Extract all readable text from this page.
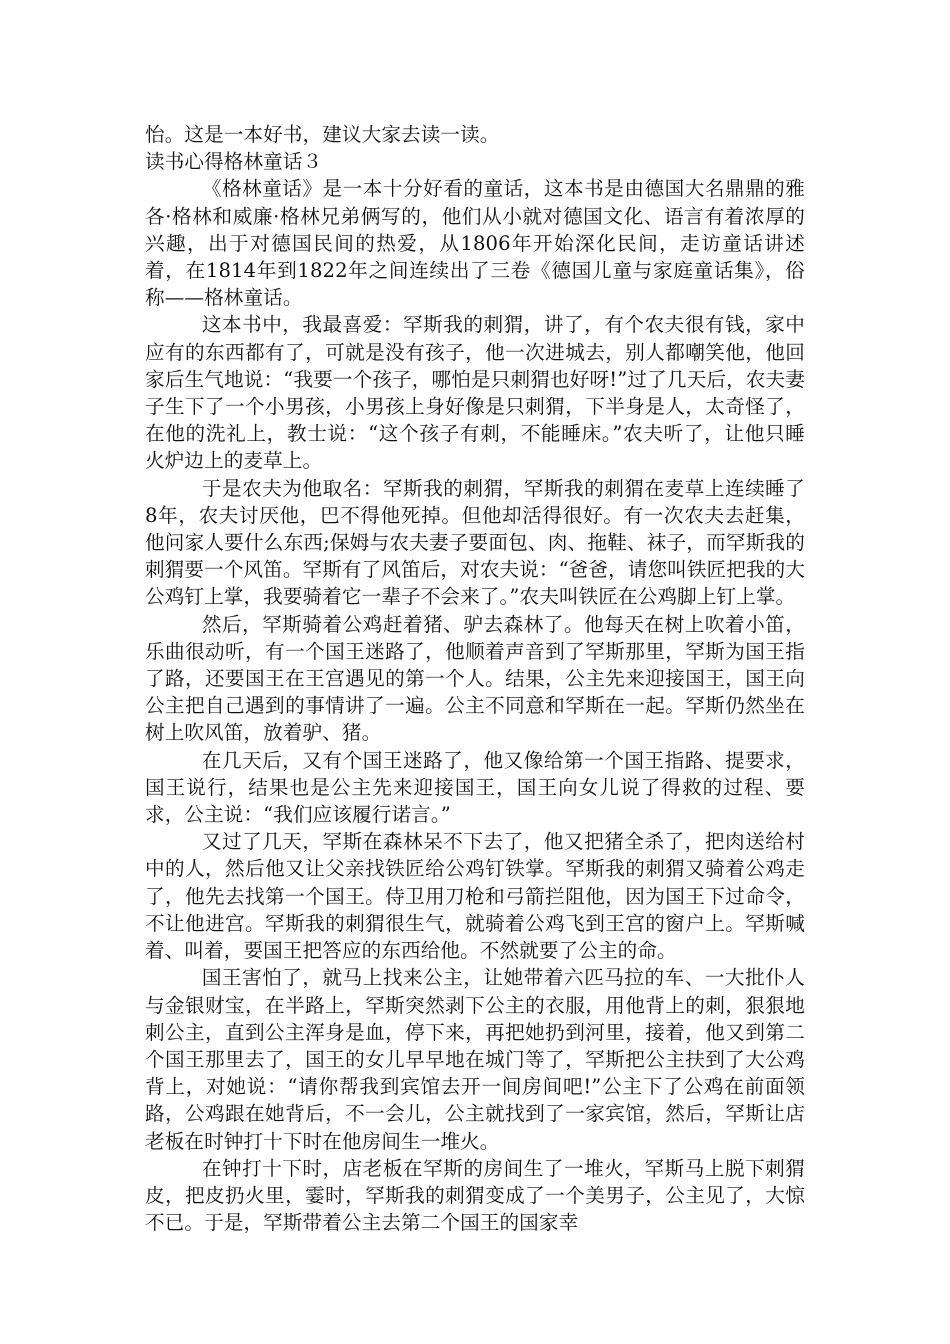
怡。这是一本好书，建议大家去读一读。

读书心得格林童话３

《格林童话》是一本十分好看的童话，这本书是由德国大名鼎鼎的雅各·格林和威廉·格林兄弟俩写的，他们从小就对德国文化、语言有着浓厚的兴趣，出于对德国民间的热爱，从1806年开始深化民间，走访童话讲述着，在1814年到1822年之间连续出了三卷《德国儿童与家庭童话集》，俗称——格林童话。

这本书中，我最喜爱：罕斯我的刺猬，讲了，有个农夫很有钱，家中应有的东西都有了，可就是没有孩子，他一次进城去，别人都嘲笑他，他回家后生气地说：“我要一个孩子，哪怕是只刺猬也好呀!”过了几天后，农夫妻子生下了一个小男孩，小男孩上身好像是只刺猬，下半身是人，太奇怪了，在他的洗礼上，教士说：“这个孩子有刺，不能睡床。”农夫听了，让他只睡火炉边上的麦草上。

于是农夫为他取名：罕斯我的刺猬，罕斯我的刺猬在麦草上连续睡了8年，农夫讨厌他，巴不得他死掉。但他却活得很好。有一次农夫去赶集，他问家人要什么东西;保姆与农夫妻子要面包、肉、拖鞋、袜子，而罕斯我的刺猬要一个风笛。罕斯有了风笛后，对农夫说：“爸爸，请您叫铁匠把我的大公鸡钉上掌，我要骑着它一辈子不会来了。”农夫叫铁匠在公鸡脚上钉上掌。

然后，罕斯骑着公鸡赶着猪、驴去森林了。他每天在树上吹着小笛，乐曲很动听，有一个国王迷路了，他顺着声音到了罕斯那里，罕斯为国王指了路，还要国王在王宫遇见的第一个人。结果，公主先来迎接国王，国王向公主把自己遇到的事情讲了一遍。公主不同意和罕斯在一起。罕斯仍然坐在树上吹风笛，放着驴、猪。

在几天后，又有个国王迷路了，他又像给第一个国王指路、提要求，国王说行，结果也是公主先来迎接国王，国王向女儿说了得救的过程、要求，公主说：“我们应该履行诺言。”

又过了几天，罕斯在森林呆不下去了，他又把猪全杀了，把肉送给村中的人，然后他又让父亲找铁匠给公鸡钉铁掌。罕斯我的刺猬又骑着公鸡走了，他先去找第一个国王。侍卫用刀枪和弓箭拦阻他，因为国王下过命令，不让他进宫。罕斯我的刺猬很生气，就骑着公鸡飞到王宫的窗户上。罕斯喊着、叫着，要国王把答应的东西给他。不然就要了公主的命。

国王害怕了，就马上找来公主，让她带着六匹马拉的车、一大批仆人与金银财宝，在半路上，罕斯突然剥下公主的衣服，用他背上的刺，狠狠地刺公主，直到公主浑身是血，停下来，再把她扔到河里，接着，他又到第二个国王那里去了，国王的女儿早早地在城门等了，罕斯把公主扶到了大公鸡背上，对她说：“请你帮我到宾馆去开一间房间吧!”公主下了公鸡在前面领路，公鸡跟在她背后，不一会儿，公主就找到了一家宾馆，然后，罕斯让店老板在时钟打十下时在他房间生一堆火。

在钟打十下时，店老板在罕斯的房间生了一堆火，罕斯马上脱下刺猬皮，把皮扔火里，霎时，罕斯我的刺猬变成了一个美男子，公主见了，大惊不已。于是，罕斯带着公主去第二个国王的国家幸
